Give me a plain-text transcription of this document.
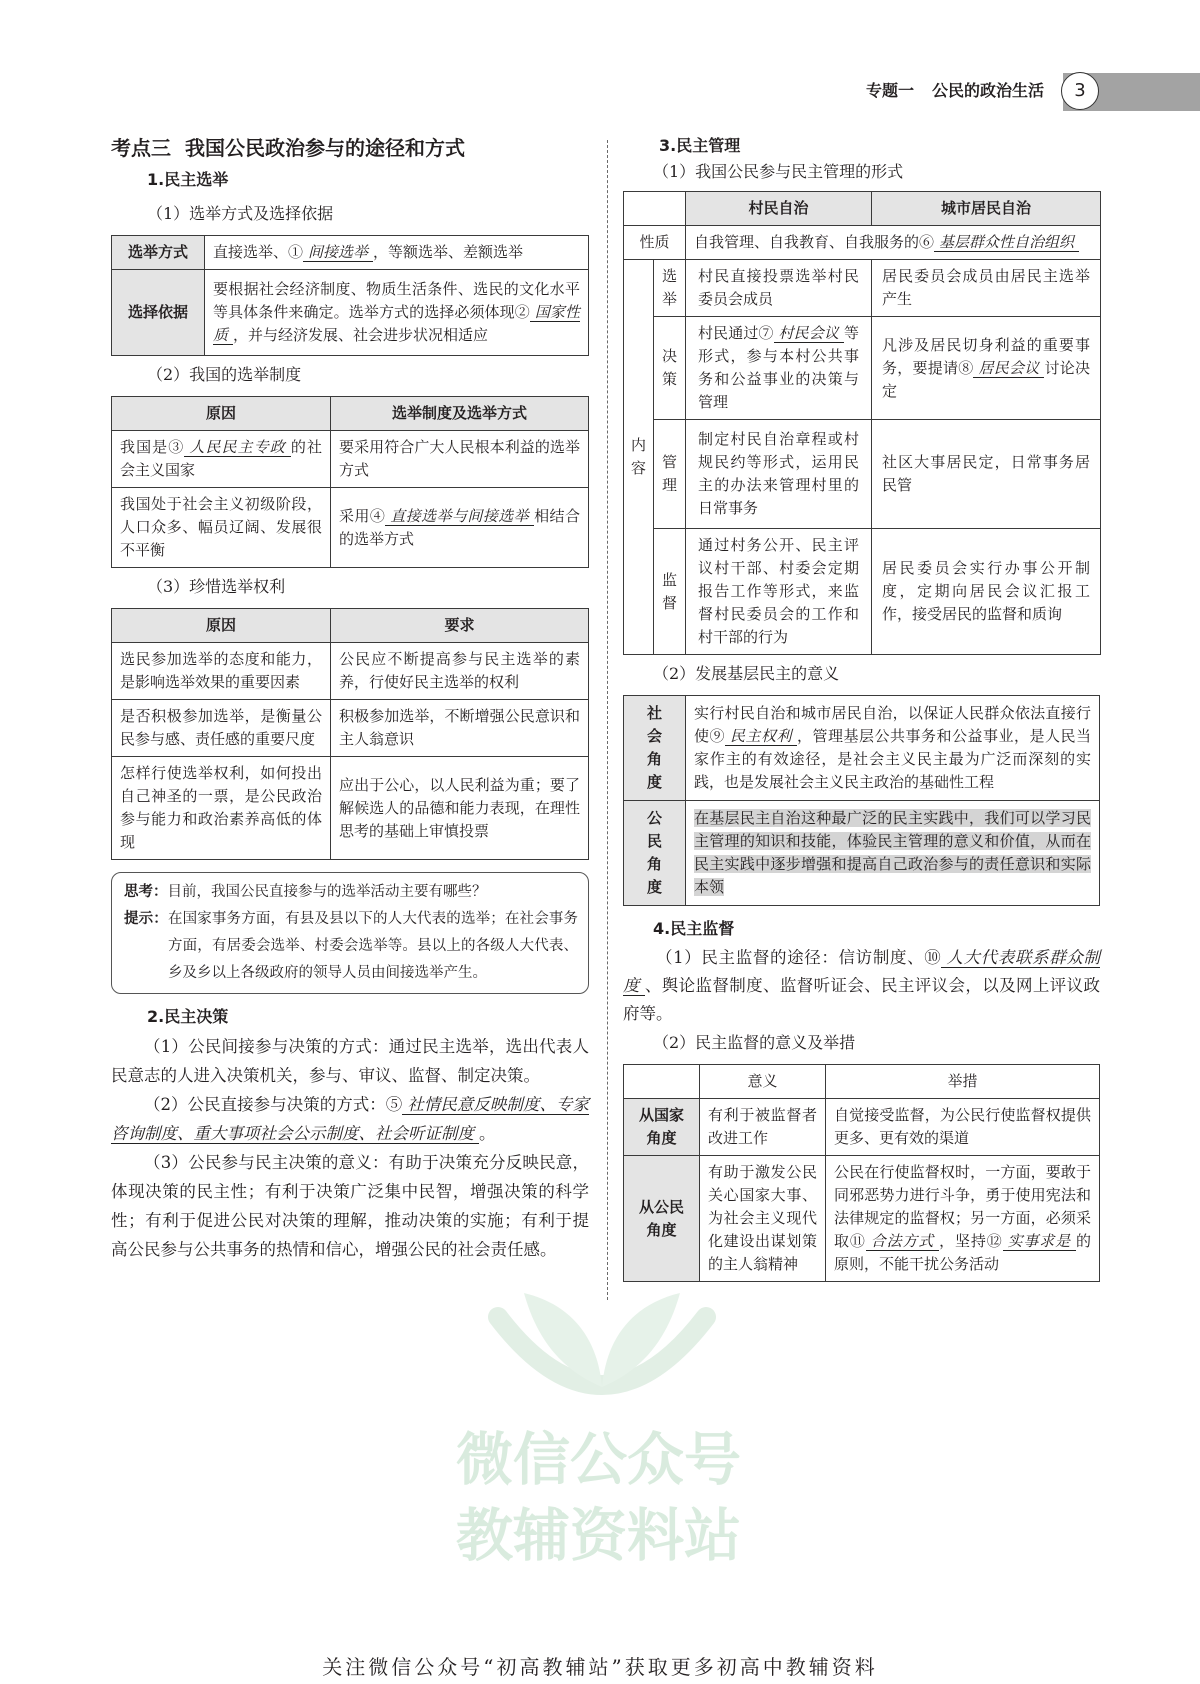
专题一 公民的政治生活	3
微信公众号
教辅资料站
考点三 我国公民政治参与的途径和方式
1.民主选举
（1）选举方式及选择依据
选举方式	直接选举、① 间接选举 ，等额选举、差额选举
选择依据	要根据社会经济制度、物质生活条件、选民的文化水平等具体条件来确定。选举方式的选择必须体现② 国家性质 ，并与经济发展、社会进步状况相适应
（2）我国的选举制度
原因	选举制度及选举方式
我国是③ 人民民主专政 的社会主义国家	要采用符合广大人民根本利益的选举方式
我国处于社会主义初级阶段，人口众多、幅员辽阔、发展很不平衡	采用④ 直接选举与间接选举 相结合的选举方式
（3）珍惜选举权利
原因	要求
选民参加选举的态度和能力，是影响选举效果的重要因素	公民应不断提高参与民主选举的素养，行使好民主选举的权利
是否积极参加选举，是衡量公民参与感、责任感的重要尺度	积极参加选举，不断增强公民意识和主人翁意识
怎样行使选举权利，如何投出自己神圣的一票，是公民政治参与能力和政治素养高低的体现	应出于公心，以人民利益为重；要了解候选人的品德和能力表现，在理性思考的基础上审慎投票

思考：目前，我国公民直接参与的选举活动主要有哪些？

提示：在国家事务方面，有县及县以下的人大代表的选举；在社会事务方面，有居委会选举、村委会选举等。县以上的各级人大代表、乡及乡以上各级政府的领导人员由间接选举产生。

2.民主决策

（1）公民间接参与决策的方式：通过民主选举，选出代表人民意志的人进入决策机关，参与、审议、监督、制定决策。

（2）公民直接参与决策的方式：⑤ 社情民意反映制度、专家咨询制度、重大事项社会公示制度、社会听证制度 。

（3）公民参与民主决策的意义：有助于决策充分反映民意，体现决策的民主性；有利于决策广泛集中民智，增强决策的科学性；有利于促进公民对决策的理解，推动决策的实施；有利于提高公民参与公共事务的热情和信心，增强公民的社会责任感。

3.民主管理
（1）我国公民参与民主管理的形式
		村民自治	城市居民自治
性质		自我管理、自我教育、自我服务的⑥ 基层群众性自治组织	
内容	选举	村民直接投票选举村民委员会成员	居民委员会成员由居民主选举产生
	决策	村民通过⑦ 村民会议 等形式，参与本村公共事务和公益事业的决策与管理	凡涉及居民切身利益的重要事务，要提请⑧ 居民会议 讨论决定
	管理	制定村民自治章程或村规民约等形式，运用民主的办法来管理村里的日常事务	社区大事居民定，日常事务居民管
	监督	通过村务公开、民主评议村干部、村委会定期报告工作等形式，来监督村民委员会的工作和村干部的行为	居民委员会实行办事公开制度，定期向居民会议汇报工作，接受居民的监督和质询
（2）发展基层民主的意义
社会角度	实行村民自治和城市居民自治，以保证人民群众依法直接行使⑨ 民主权利 ，管理基层公共事务和公益事业，是人民当家作主的有效途径，是社会主义民主最为广泛而深刻的实践，也是发展社会主义民主政治的基础性工程
公民角度	在基层民主自治这种最广泛的民主实践中，我们可以学习民主管理的知识和技能，体验民主管理的意义和价值，从而在民主实践中逐步增强和提高自己政治参与的责任意识和实际本领
4.民主监督

（1）民主监督的途径：信访制度、⑩ 人大代表联系群众制度 、舆论监督制度、监督听证会、民主评议会，以及网上评议政府等。

（2）民主监督的意义及举措
	意义	举措
从国家角度	有利于被监督者改进工作	自觉接受监督，为公民行使监督权提供更多、更有效的渠道
从公民角度	有助于激发公民关心国家大事、为社会主义现代化建设出谋划策的主人翁精神	公民在行使监督权时，一方面，要敢于同邪恶势力进行斗争，勇于使用宪法和法律规定的监督权；另一方面，必须采取⑪ 合法方式 ，坚持⑫ 实事求是 的原则，不能干扰公务活动
关注微信公众号“初高教辅站”获取更多初高中教辅资料
